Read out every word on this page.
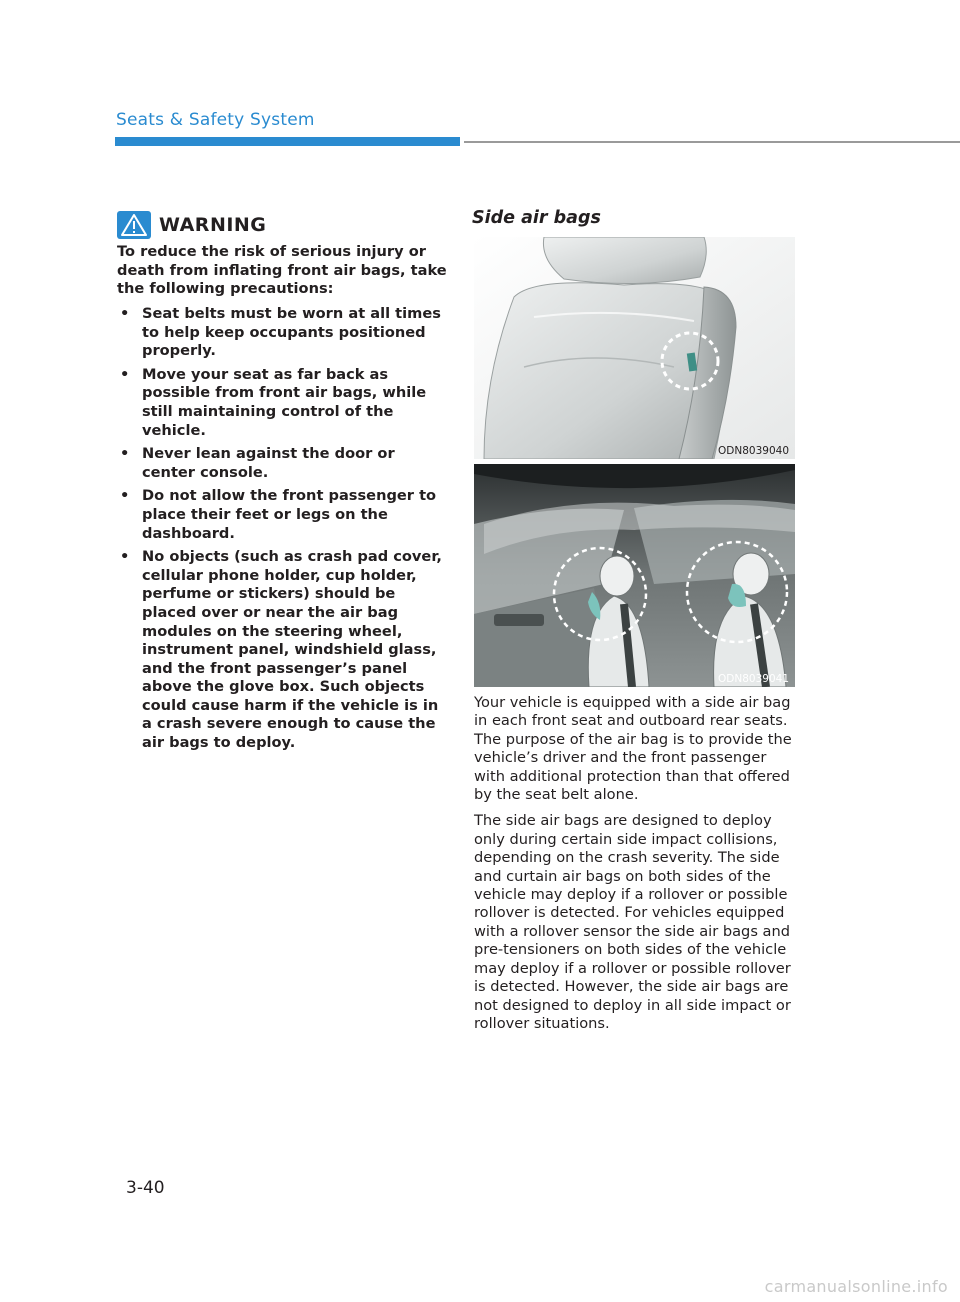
Seats & Safety System
WARNING
To reduce the risk of serious injury or death from inflating front air bags, take the following precautions:
• Seat belts must be worn at all times to help keep occupants positioned properly.
• Move your seat as far back as possible from front air bags, while still maintaining control of the vehicle.
• Never lean against the door or center console.
• Do not allow the front passenger to place their feet or legs on the dashboard.
• No objects (such as crash pad cover, cellular phone holder, cup holder, perfume or stickers) should be placed over or near the air bag modules on the steering wheel, instrument panel, windshield glass, and the front passenger’s panel above the glove box. Such objects could cause harm if the vehicle is in a crash severe enough to cause the air bags to deploy.
Side air bags
ODN8039040
ODN8039041

Your vehicle is equipped with a side air bag in each front seat and outboard rear seats. The purpose of the air bag is to provide the vehicle’s driver and the front passenger with additional protection than that offered by the seat belt alone.

The side air bags are designed to deploy only during certain side impact collisions, depending on the crash severity. The side and curtain air bags on both sides of the vehicle may deploy if a rollover or possible rollover is detected. For vehicles equipped with a rollover sensor the side air bags and pre-tensioners on both sides of the vehicle may deploy if a rollover or possible rollover is detected. However, the side air bags are not designed to deploy in all side impact or rollover situations.

3-40
carmanualsonline.info
